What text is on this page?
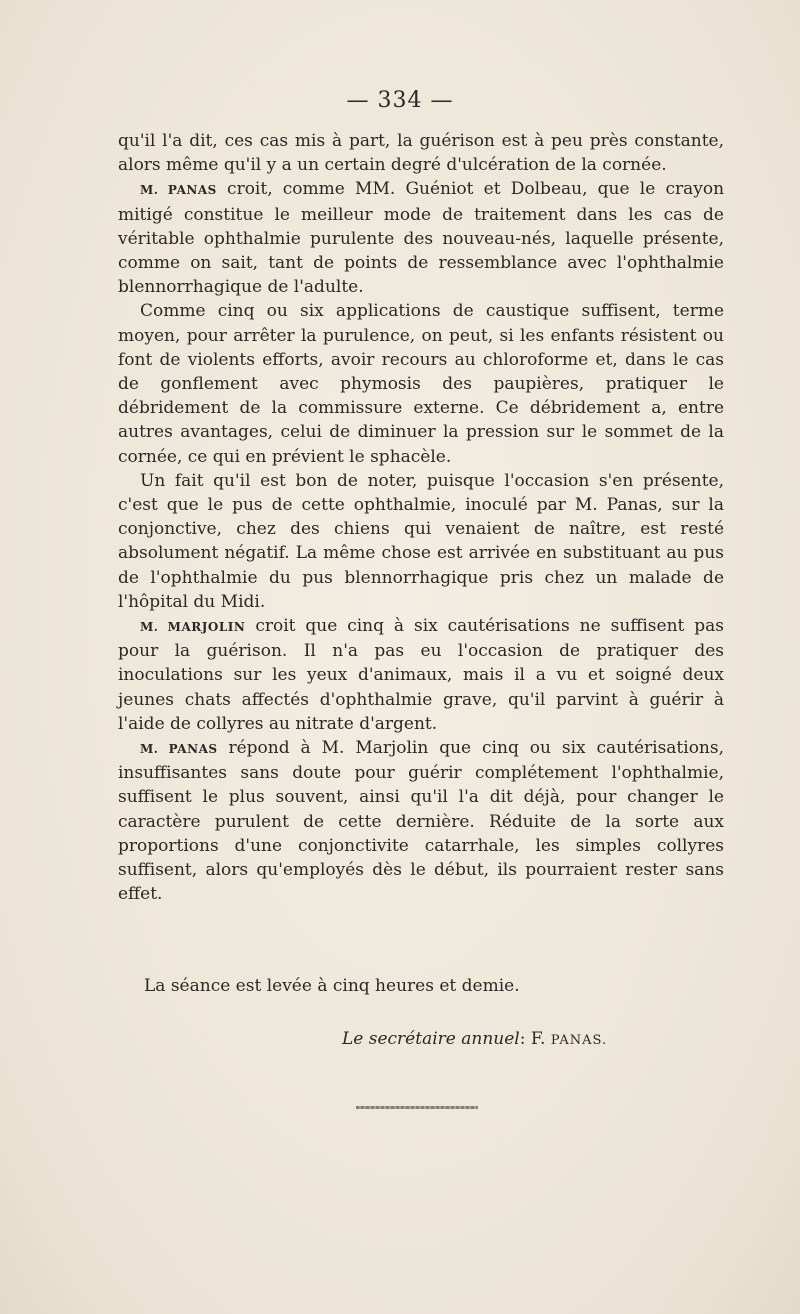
— 334 —

qu'il l'a dit, ces cas mis à part, la guérison est à peu près constante, alors même qu'il y a un certain degré d'ulcération de la cornée.

M. PANAS croit, comme MM. Guéniot et Dolbeau, que le crayon mitigé constitue le meilleur mode de traitement dans les cas de véritable ophthalmie purulente des nouveau-nés, laquelle présente, comme on sait, tant de points de ressemblance avec l'ophthalmie blennorrhagique de l'adulte.

Comme cinq ou six applications de caustique suffisent, terme moyen, pour arrêter la purulence, on peut, si les enfants résistent ou font de violents efforts, avoir recours au chloroforme et, dans le cas de gonflement avec phymosis des paupières, pratiquer le débridement de la commissure externe. Ce débridement a, entre autres avantages, celui de diminuer la pression sur le sommet de la cornée, ce qui en prévient le sphacèle.

Un fait qu'il est bon de noter, puisque l'occasion s'en présente, c'est que le pus de cette ophthalmie, inoculé par M. Panas, sur la conjonctive, chez des chiens qui venaient de naître, est resté absolument négatif. La même chose est arrivée en substituant au pus de l'ophthalmie du pus blennorrhagique pris chez un malade de l'hôpital du Midi.

M. MARJOLIN croit que cinq à six cautérisations ne suffisent pas pour la guérison. Il n'a pas eu l'occasion de pratiquer des inoculations sur les yeux d'animaux, mais il a vu et soigné deux jeunes chats affectés d'ophthalmie grave, qu'il parvint à guérir à l'aide de collyres au nitrate d'argent.

M. PANAS répond à M. Marjolin que cinq ou six cautérisations, insuffisantes sans doute pour guérir complétement l'ophthalmie, suffisent le plus souvent, ainsi qu'il l'a dit déjà, pour changer le caractère purulent de cette dernière. Réduite de la sorte aux proportions d'une conjonctivite catarrhale, les simples collyres suffisent, alors qu'employés dès le début, ils pourraient rester sans effet.

La séance est levée à cinq heures et demie.
Le secrétaire annuel: F. PANAS.
